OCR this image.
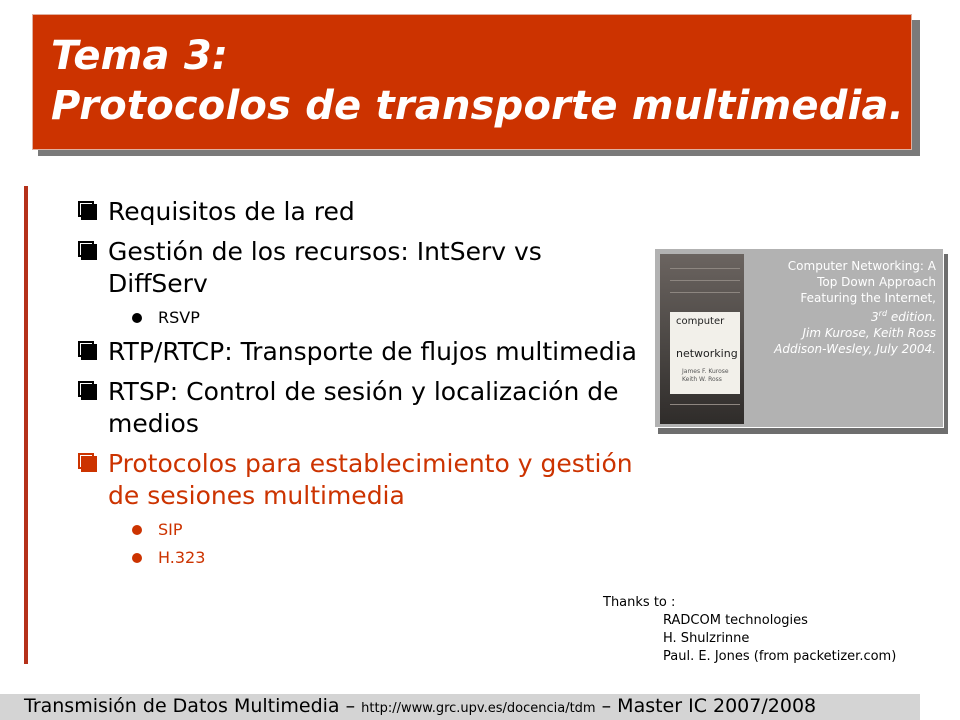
Tema 3:
Protocolos de transporte multimedia.
Requisitos de la red
Gestión de los recursos: IntServ vs DiffServ
RSVP
RTP/RTCP: Transporte de flujos multimedia
RTSP: Control de sesión y localización de medios
Protocolos para establecimiento y gestión de sesiones multimedia
SIP
H.323
computer
networking
James F. Kurose Keith W. Ross
Computer Networking: A
Top Down Approach
Featuring the Internet,
3rd edition.
Jim Kurose, Keith Ross
Addison-Wesley, July 2004.
Thanks to :
RADCOM technologies
H. Shulzrinne
Paul. E. Jones (from packetizer.com)
Transmisión de Datos Multimedia – http://www.grc.upv.es/docencia/tdm – Master IC 2007/2008
